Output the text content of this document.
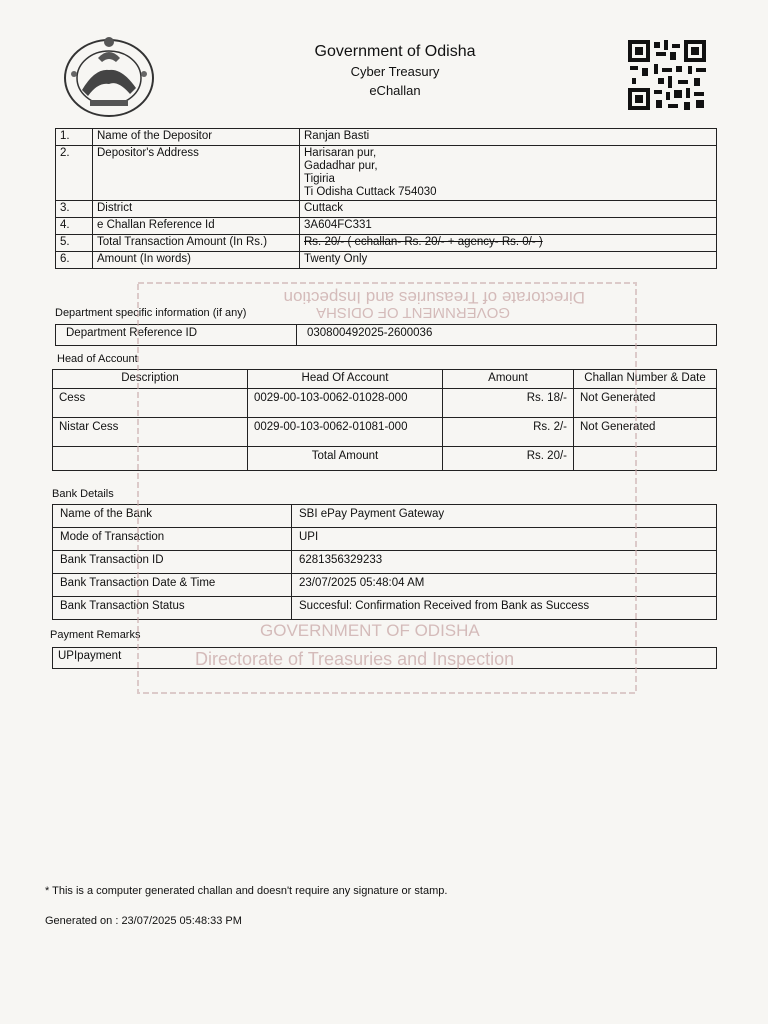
Government of Odisha
Cyber Treasury
eChallan
1.	Name of the Depositor	Ranjan Basti
2.	Depositor's Address	Harisaran pur,
Gadadhar pur,
Tigiria
Ti Odisha Cuttack 754030
3.	District	Cuttack
4.	e Challan Reference Id	3A604FC331
5.	Total Transaction Amount (In Rs.)	Rs. 20/- ( echallan- Rs. 20/- + agency- Rs. 0/- )
6.	Amount (In words)	Twenty Only
Department specific information (if any)
Department Reference ID	030800492025-2600036
Head of Account
Description	Head Of Account	Amount	Challan Number & Date
Cess	0029-00-103-0062-01028-000	Rs. 18/-	Not Generated
Nistar Cess	0029-00-103-0062-01081-000	Rs. 2/-	Not Generated
	Total Amount	Rs. 20/-	
Bank Details
Name of the Bank	SBI ePay Payment Gateway
Mode of Transaction	UPI
Bank Transaction ID	6281356329233
Bank Transaction Date & Time	23/07/2025 05:48:04 AM
Bank Transaction Status	Succesful: Confirmation Received from Bank as Success
Payment Remarks
UPIpayment
Directorate of Treasuries and Inspection
GOVERNMENT OF ODISHA
GOVERNMENT OF ODISHA
Directorate of Treasuries and Inspection
* This is a computer generated challan and doesn't require any signature or stamp.
Generated on : 23/07/2025 05:48:33 PM
